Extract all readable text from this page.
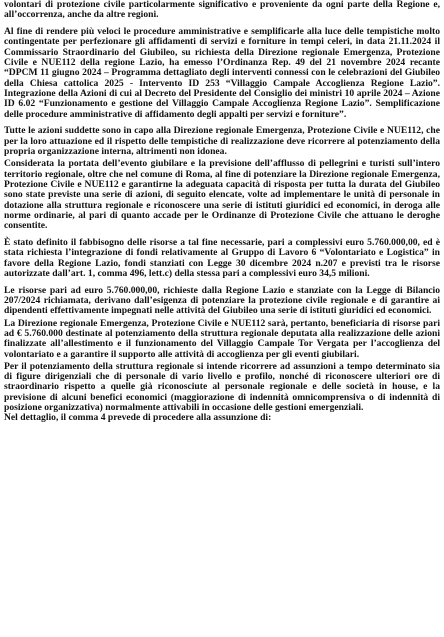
volontari di protezione civile particolarmente significativo e proveniente da ogni parte della Regione e, all’occorrenza, anche da altre regioni.

Al fine di rendere più veloci le procedure amministrative e semplificarle alla luce delle tempistiche molto contingentate per perfezionare gli affidamenti di servizi e forniture in tempi celeri, in data 21.11.2024 il Commissario Straordinario del Giubileo, su richiesta della Direzione regionale Emergenza, Protezione Civile e NUE112 della regione Lazio, ha emesso l’Ordinanza Rep. 49 del 21 novembre 2024 recante “DPCM 11 giugno 2024 – Programma dettagliato degli interventi connessi con le celebrazioni del Giubileo della Chiesa cattolica 2025 - Intervento ID 253 “Villaggio Campale Accoglienza Regione Lazio”. Integrazione della Azioni di cui al Decreto del Presidente del Consiglio dei ministri 10 aprile 2024 – Azione ID 6.02 “Funzionamento e gestione del Villaggio Campale Accoglienza Regione Lazio”. Semplificazione delle procedure amministrative di affidamento degli appalti per servizi e forniture”.

Tutte le azioni suddette sono in capo alla Direzione regionale Emergenza, Protezione Civile e NUE112, che per la loro attuazione ed il rispetto delle tempistiche di realizzazione deve ricorrere al potenziamento della propria organizzazione interna, altrimenti non idonea.

Considerata la portata dell’evento giubilare e la previsione dell’afflusso di pellegrini e turisti sull’intero territorio regionale, oltre che nel comune di Roma, al fine di potenziare la Direzione regionale Emergenza, Protezione Civile e NUE112 e garantirne la adeguata capacità di risposta per tutta la durata del Giubileo sono state previste una serie di azioni, di seguito elencate, volte ad implementare le unità di personale in dotazione alla struttura regionale e riconoscere una serie di istituti giuridici ed economici, in deroga alle norme ordinarie, al pari di quanto accade per le Ordinanze di Protezione Civile che attuano le deroghe consentite.

È stato definito il fabbisogno delle risorse a tal fine necessarie, pari a complessivi euro 5.760.000,00, ed è stata richiesta l’integrazione di fondi relativamente al Gruppo di Lavoro 6 “Volontariato e Logistica” in favore della Regione Lazio, fondi stanziati con Legge 30 dicembre 2024 n.207 e previsti tra le risorse autorizzate dall’art. 1, comma 496, lett.c) della stessa pari a complessivi euro 34,5 milioni.

Le risorse pari ad euro 5.760.000,00, richieste dalla Regione Lazio e stanziate con la Legge di Bilancio 207/2024 richiamata, derivano dall’esigenza di potenziare la protezione civile regionale e di garantire ai dipendenti effettivamente impegnati nelle attività del Giubileo una serie di istituti giuridici ed economici.

La Direzione regionale Emergenza, Protezione Civile e NUE112 sarà, pertanto, beneficiaria di risorse pari ad € 5.760.000 destinate al potenziamento della struttura regionale deputata alla realizzazione delle azioni finalizzate all’allestimento e il funzionamento del Villaggio Campale Tor Vergata per l’accoglienza del volontariato e a garantire il supporto alle attività di accoglienza per gli eventi giubilari.

Per il potenziamento della struttura regionale si intende ricorrere ad assunzioni a tempo determinato sia di figure dirigenziali che di personale di vario livello e profilo, nonché di riconoscere ulteriori ore di straordinario rispetto a quelle già riconosciute al personale regionale e delle società in house, e la previsione di alcuni benefici economici (maggiorazione di indennità omnicomprensiva o di indennità di posizione organizzativa) normalmente attivabili in occasione delle gestioni emergenziali.

Nel dettaglio, il comma 4 prevede di procedere alla assunzione di:
